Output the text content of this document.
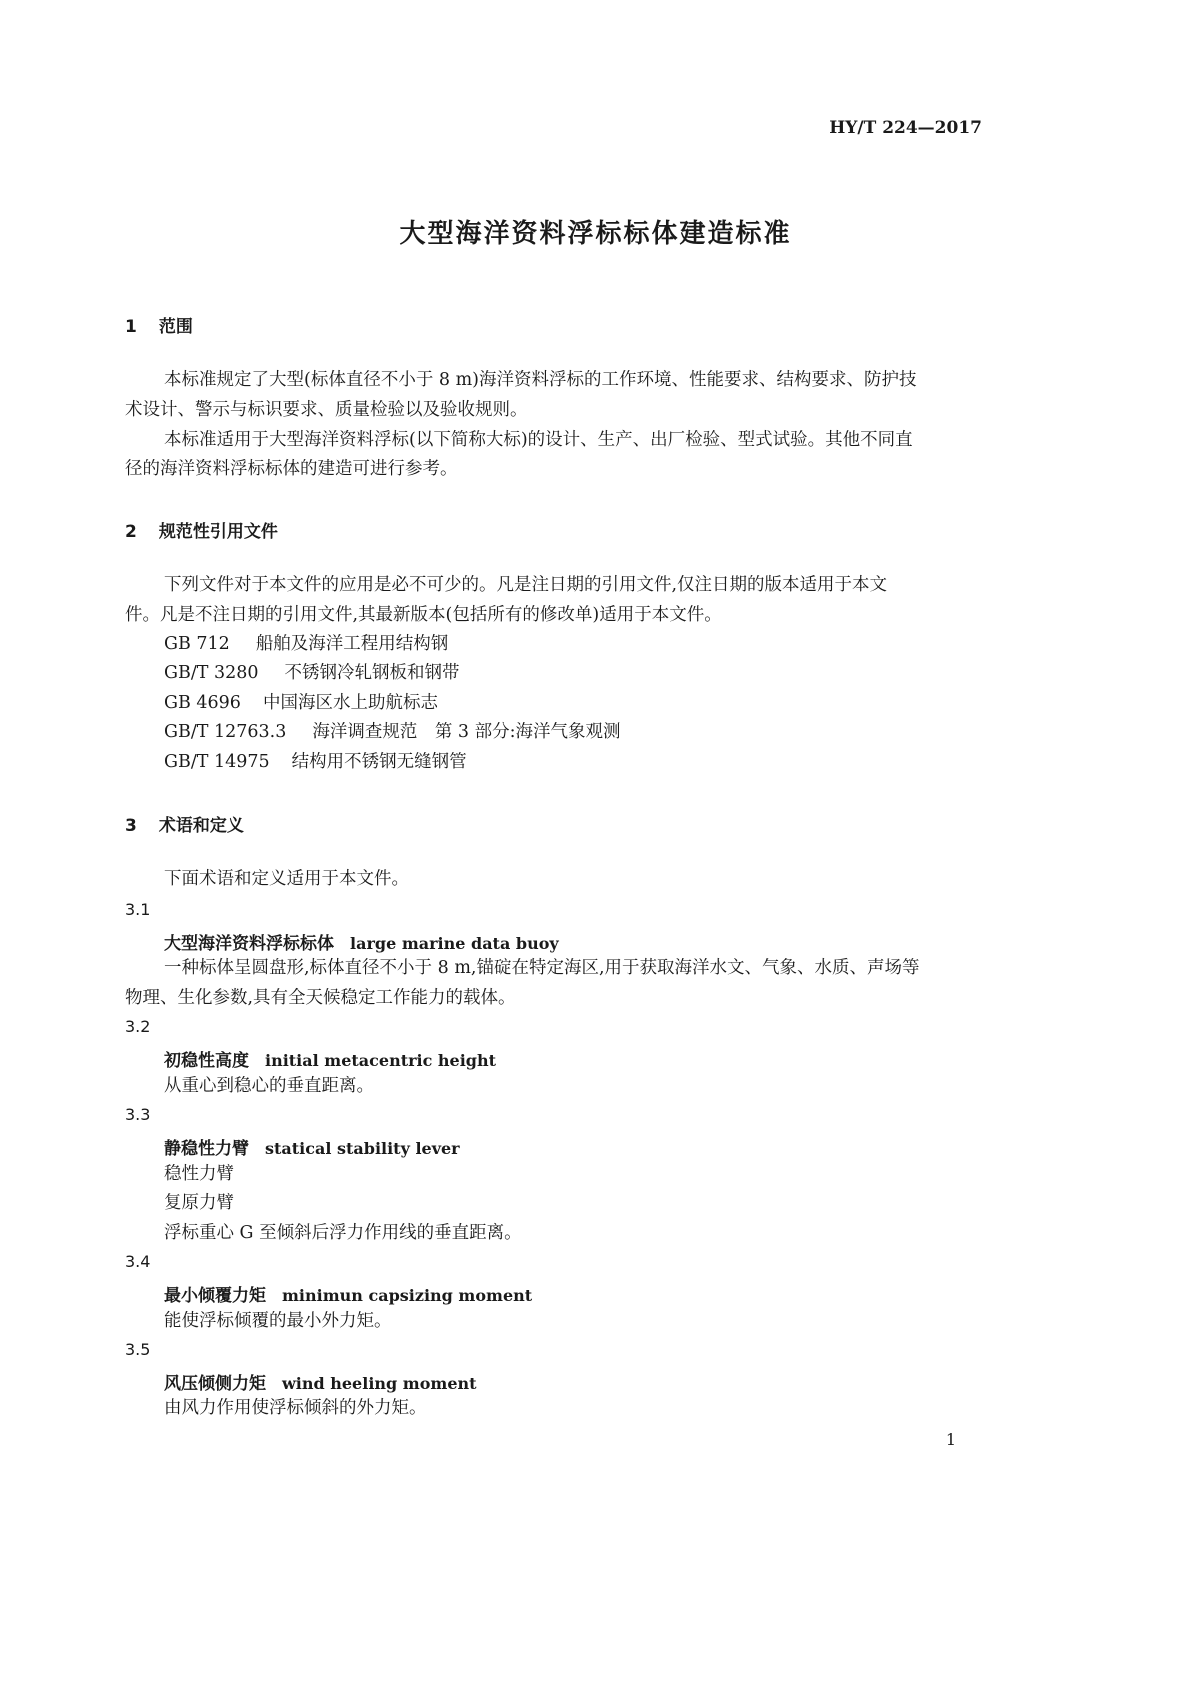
HY/T 224—2017
大型海洋资料浮标标体建造标准
1 范围
本标准规定了大型(标体直径不小于 8 m)海洋资料浮标的工作环境、性能要求、结构要求、防护技
术设计、警示与标识要求、质量检验以及验收规则。
本标准适用于大型海洋资料浮标(以下简称大标)的设计、生产、出厂检验、型式试验。其他不同直
径的海洋资料浮标标体的建造可进行参考。
2 规范性引用文件
下列文件对于本文件的应用是必不可少的。凡是注日期的引用文件,仅注日期的版本适用于本文
件。凡是不注日期的引用文件,其最新版本(包括所有的修改单)适用于本文件。
GB 712 船舶及海洋工程用结构钢
GB/T 3280 不锈钢冷轧钢板和钢带
GB 4696 中国海区水上助航标志
GB/T 12763.3 海洋调查规范　第 3 部分:海洋气象观测
GB/T 14975 结构用不锈钢无缝钢管
3 术语和定义
下面术语和定义适用于本文件。
3.1
大型海洋资料浮标标体 large marine data buoy
一种标体呈圆盘形,标体直径不小于 8 m,锚碇在特定海区,用于获取海洋水文、气象、水质、声场等
物理、生化参数,具有全天候稳定工作能力的载体。
3.2
初稳性高度 initial metacentric height
从重心到稳心的垂直距离。
3.3
静稳性力臂 statical stability lever
稳性力臂
复原力臂
浮标重心 G 至倾斜后浮力作用线的垂直距离。
3.4
最小倾覆力矩 minimun capsizing moment
能使浮标倾覆的最小外力矩。
3.5
风压倾侧力矩 wind heeling moment
由风力作用使浮标倾斜的外力矩。
1
